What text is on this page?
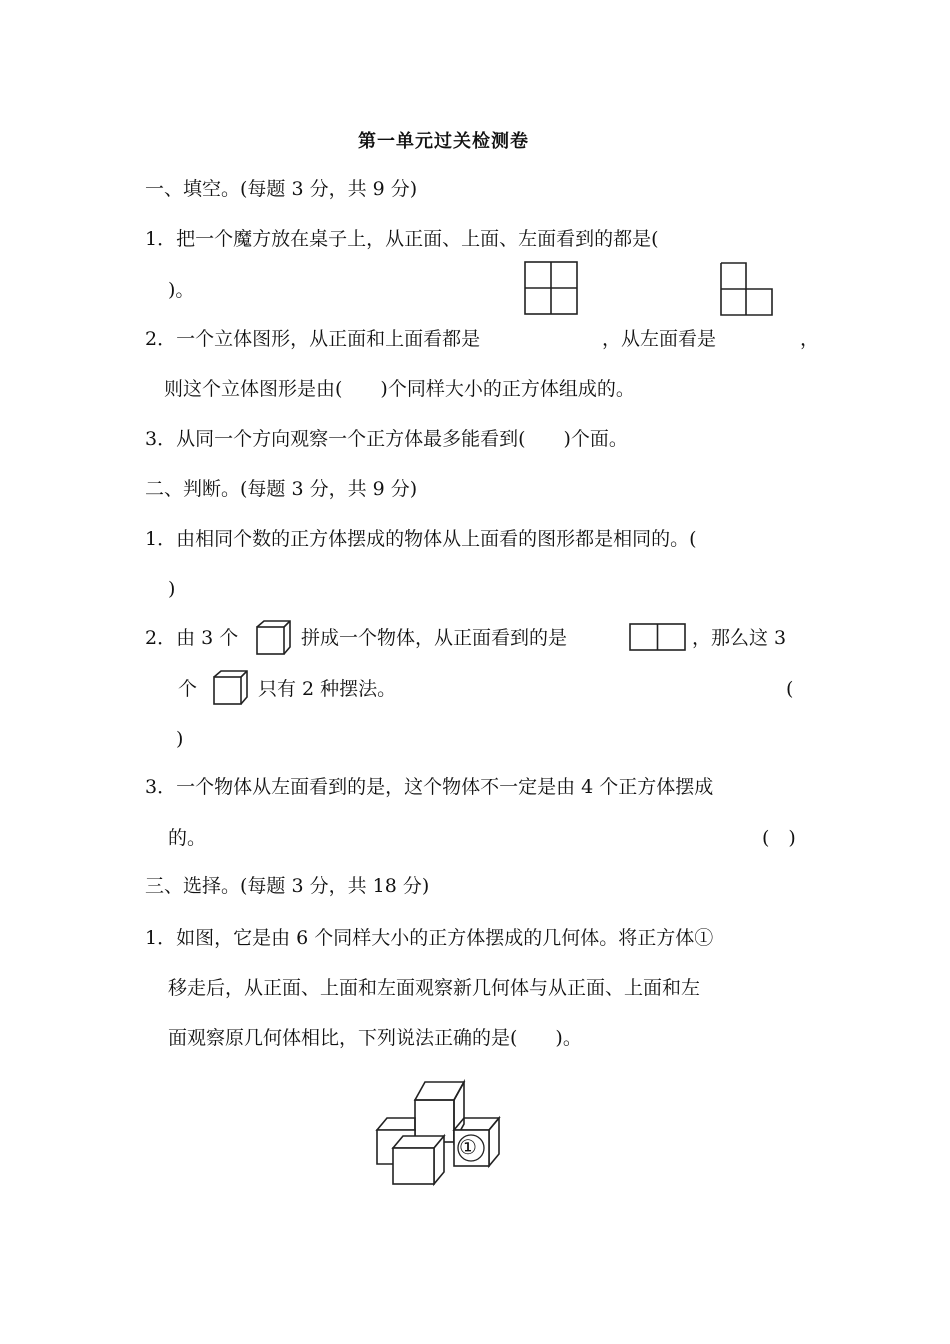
第一单元过关检测卷
一、填空。(每题 3 分，共 9 分)
1．把一个魔方放在桌子上，从正面、上面、左面看到的都是(
)。
2．一个立体图形，从正面和上面看都是	，从左面看是	，
则这个立体图形是由(　　)个同样大小的正方体组成的。
3．从同一个方向观察一个正方体最多能看到(　　)个面。
二、判断。(每题 3 分，共 9 分)
1．由相同个数的正方体摆成的物体从上面看的图形都是相同的。(
)
2．由 3 个	拼成一个物体，从正面看到的是	，那么这 3
个	只有 2 种摆法。	(
)
3．一个物体从左面看到的是，这个物体不一定是由 4 个正方体摆成
的。	(　)
三、选择。(每题 3 分，共 18 分)
1．如图，它是由 6 个同样大小的正方体摆成的几何体。将正方体①
移走后，从正面、上面和左面观察新几何体与从正面、上面和左
面观察原几何体相比，下列说法正确的是(　　)。
①
